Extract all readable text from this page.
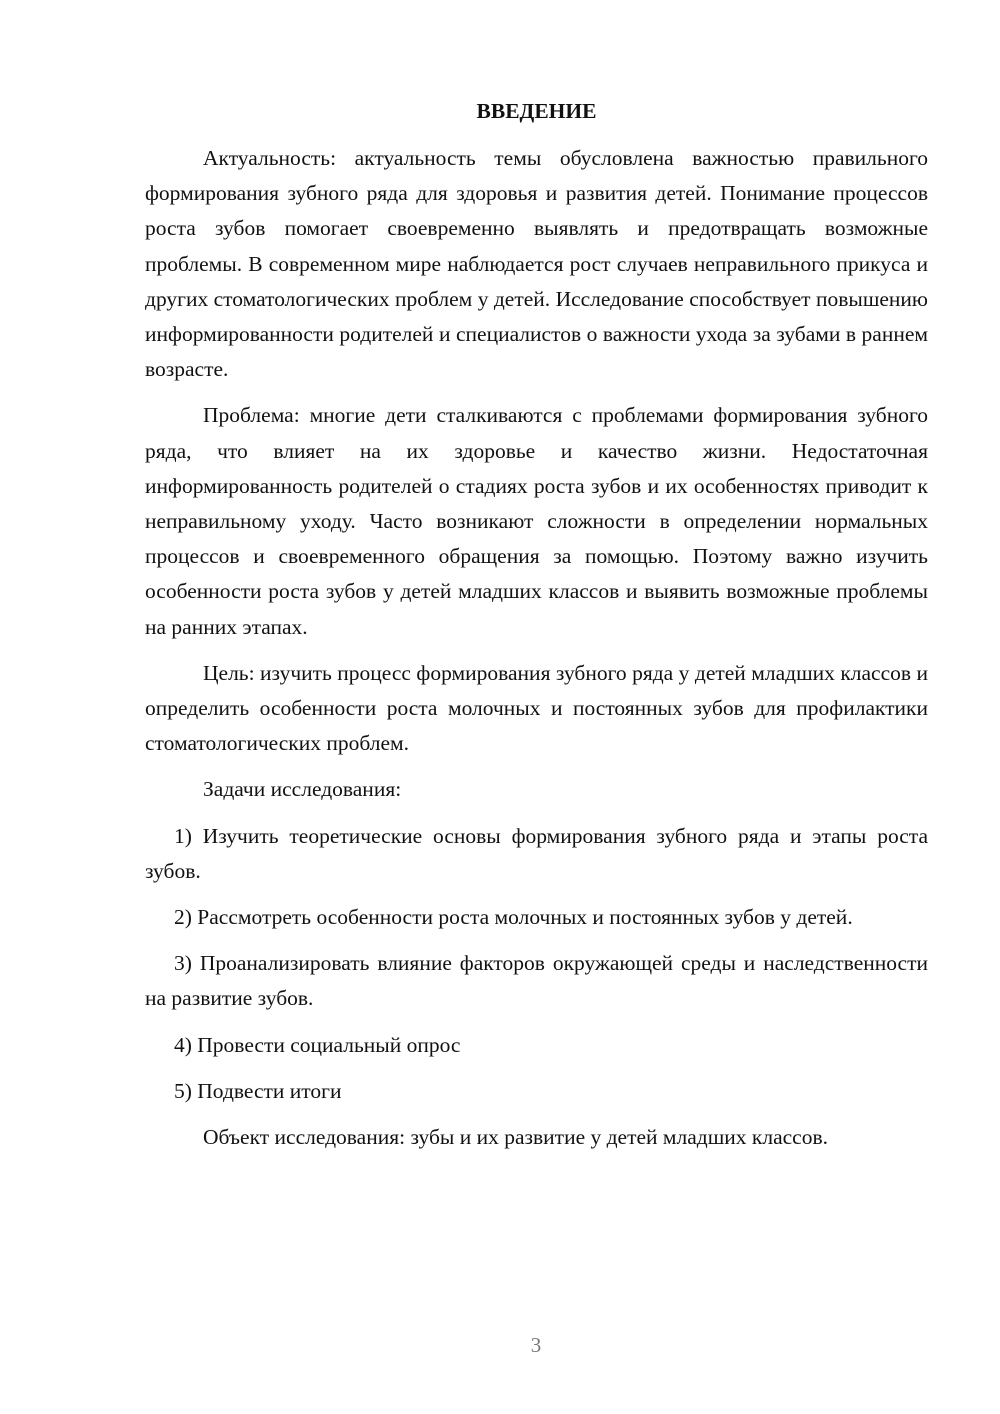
ВВЕДЕНИЕ

Актуальность: актуальность темы обусловлена важностью правильного формирования зубного ряда для здоровья и развития детей. Понимание процессов роста зубов помогает своевременно выявлять и предотвращать возможные проблемы. В современном мире наблюдается рост случаев неправильного прикуса и других стоматологических проблем у детей. Исследование способствует повышению информированности родителей и специалистов о важности ухода за зубами в раннем возрасте.

Проблема: многие дети сталкиваются с проблемами формирования зубного ряда, что влияет на их здоровье и качество жизни. Недостаточная информированность родителей о стадиях роста зубов и их особенностях приводит к неправильному уходу. Часто возникают сложности в определении нормальных процессов и своевременного обращения за помощью. Поэтому важно изучить особенности роста зубов у детей младших классов и выявить возможные проблемы на ранних этапах.

Цель: изучить процесс формирования зубного ряда у детей младших классов и определить особенности роста молочных и постоянных зубов для профилактики стоматологических проблем.

Задачи исследования:

1) Изучить теоретические основы формирования зубного ряда и этапы роста зубов.

2) Рассмотреть особенности роста молочных и постоянных зубов у детей.

3) Проанализировать влияние факторов окружающей среды и наследственности на развитие зубов.

4) Провести социальный опрос

5) Подвести итоги

Объект исследования: зубы и их развитие у детей младших классов.

3
